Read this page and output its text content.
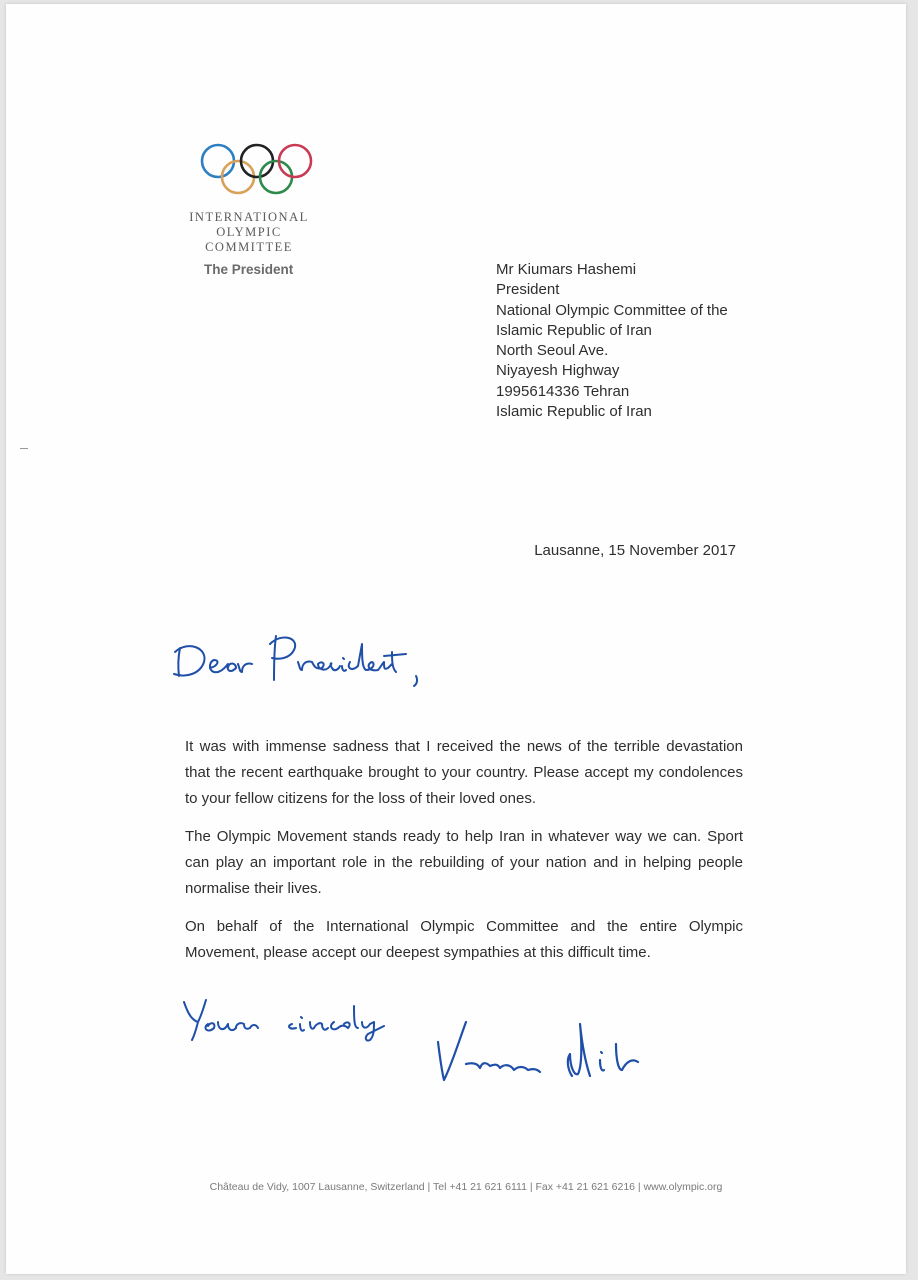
INTERNATIONAL
OLYMPIC
COMMITTEE
The President	Mr Kiumars Hashemi
President
National Olympic Committee of the
Islamic Republic of Iran
North Seoul Ave.
Niyayesh Highway
1995614336 Tehran
Islamic Republic of Iran
Lausanne, 15 November 2017

It was with immense sadness that I received the news of the terrible devastation that the recent earthquake brought to your country. Please accept my condolences to your fellow citizens for the loss of their loved ones.

The Olympic Movement stands ready to help Iran in whatever way we can. Sport can play an important role in the rebuilding of your nation and in helping people normalise their lives.

On behalf of the International Olympic Committee and the entire Olympic Movement, please accept our deepest sympathies at this difficult time.

Château de Vidy, 1007 Lausanne, Switzerland | Tel +41 21 621 6111 | Fax +41 21 621 6216 | www.olympic.org
